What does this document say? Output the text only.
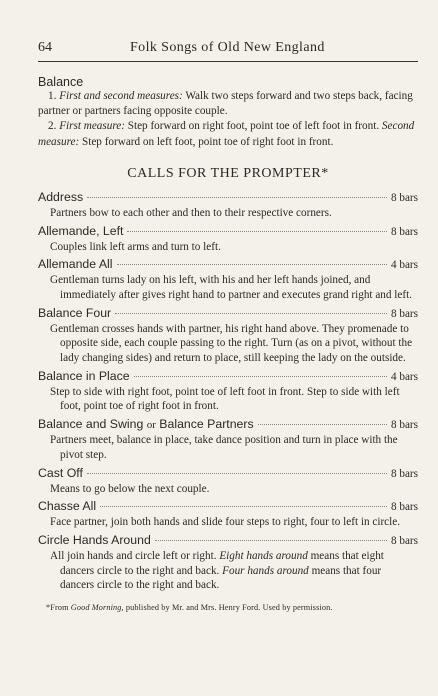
64	Folk Songs of Old New England
Balance
1. First and second measures: Walk two steps forward and two steps back, facing partner or partners facing opposite couple.
2. First measure: Step forward on right foot, point toe of left foot in front. Second measure: Step forward on left foot, point toe of right foot in front.
CALLS FOR THE PROMPTER*
Address	8 bars
Partners bow to each other and then to their respective corners.
Allemande, Left	8 bars
Couples link left arms and turn to left.
Allemande All	4 bars
Gentleman turns lady on his left, with his and her left hands joined, and immediately after gives right hand to partner and executes grand right and left.
Balance Four	8 bars
Gentleman crosses hands with partner, his right hand above. They promenade to opposite side, each couple passing to the right. Turn (as on a pivot, without the lady changing sides) and return to place, still keeping the lady on the outside.
Balance in Place	4 bars
Step to side with right foot, point toe of left foot in front. Step to side with left foot, point toe of right foot in front.
Balance and Swing or Balance Partners	8 bars
Partners meet, balance in place, take dance position and turn in place with the pivot step.
Cast Off	8 bars
Means to go below the next couple.
Chasse All	8 bars
Face partner, join both hands and slide four steps to right, four to left in circle.
Circle Hands Around	8 bars
All join hands and circle left or right. Eight hands around means that eight dancers circle to the right and back. Four hands around means that four dancers circle to the right and back.
*From Good Morning, published by Mr. and Mrs. Henry Ford. Used by permission.
